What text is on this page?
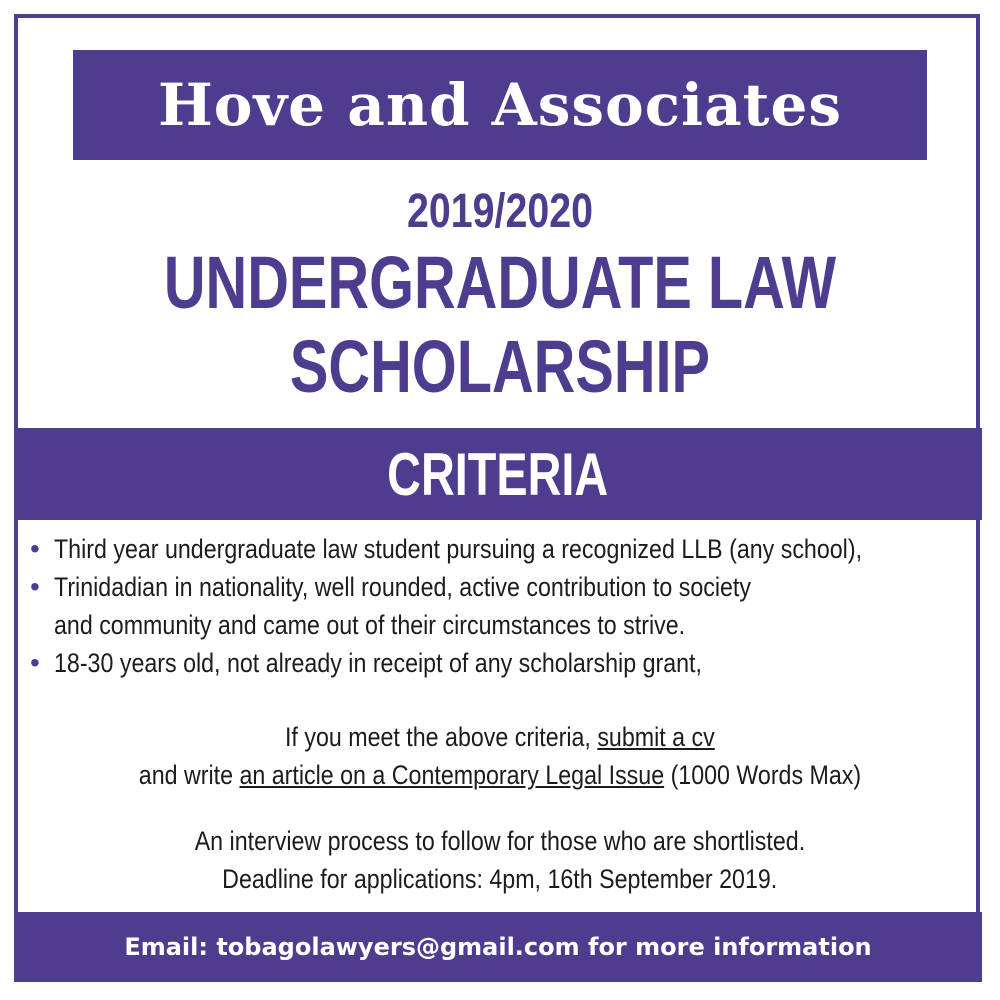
Hove and Associates
2019/2020
UNDERGRADUATE LAW
SCHOLARSHIP
CRITERIA
• Third year undergraduate law student pursuing a recognized LLB (any school),
• Trinidadian in nationality, well rounded, active contribution to society
and community and came out of their circumstances to strive.
• 18-30 years old, not already in receipt of any scholarship grant,
If you meet the above criteria, submit a cv
and write an article on a Contemporary Legal Issue (1000 Words Max)
An interview process to follow for those who are shortlisted.
Deadline for applications: 4pm, 16th September 2019.
Email: tobagolawyers@gmail.com for more information
